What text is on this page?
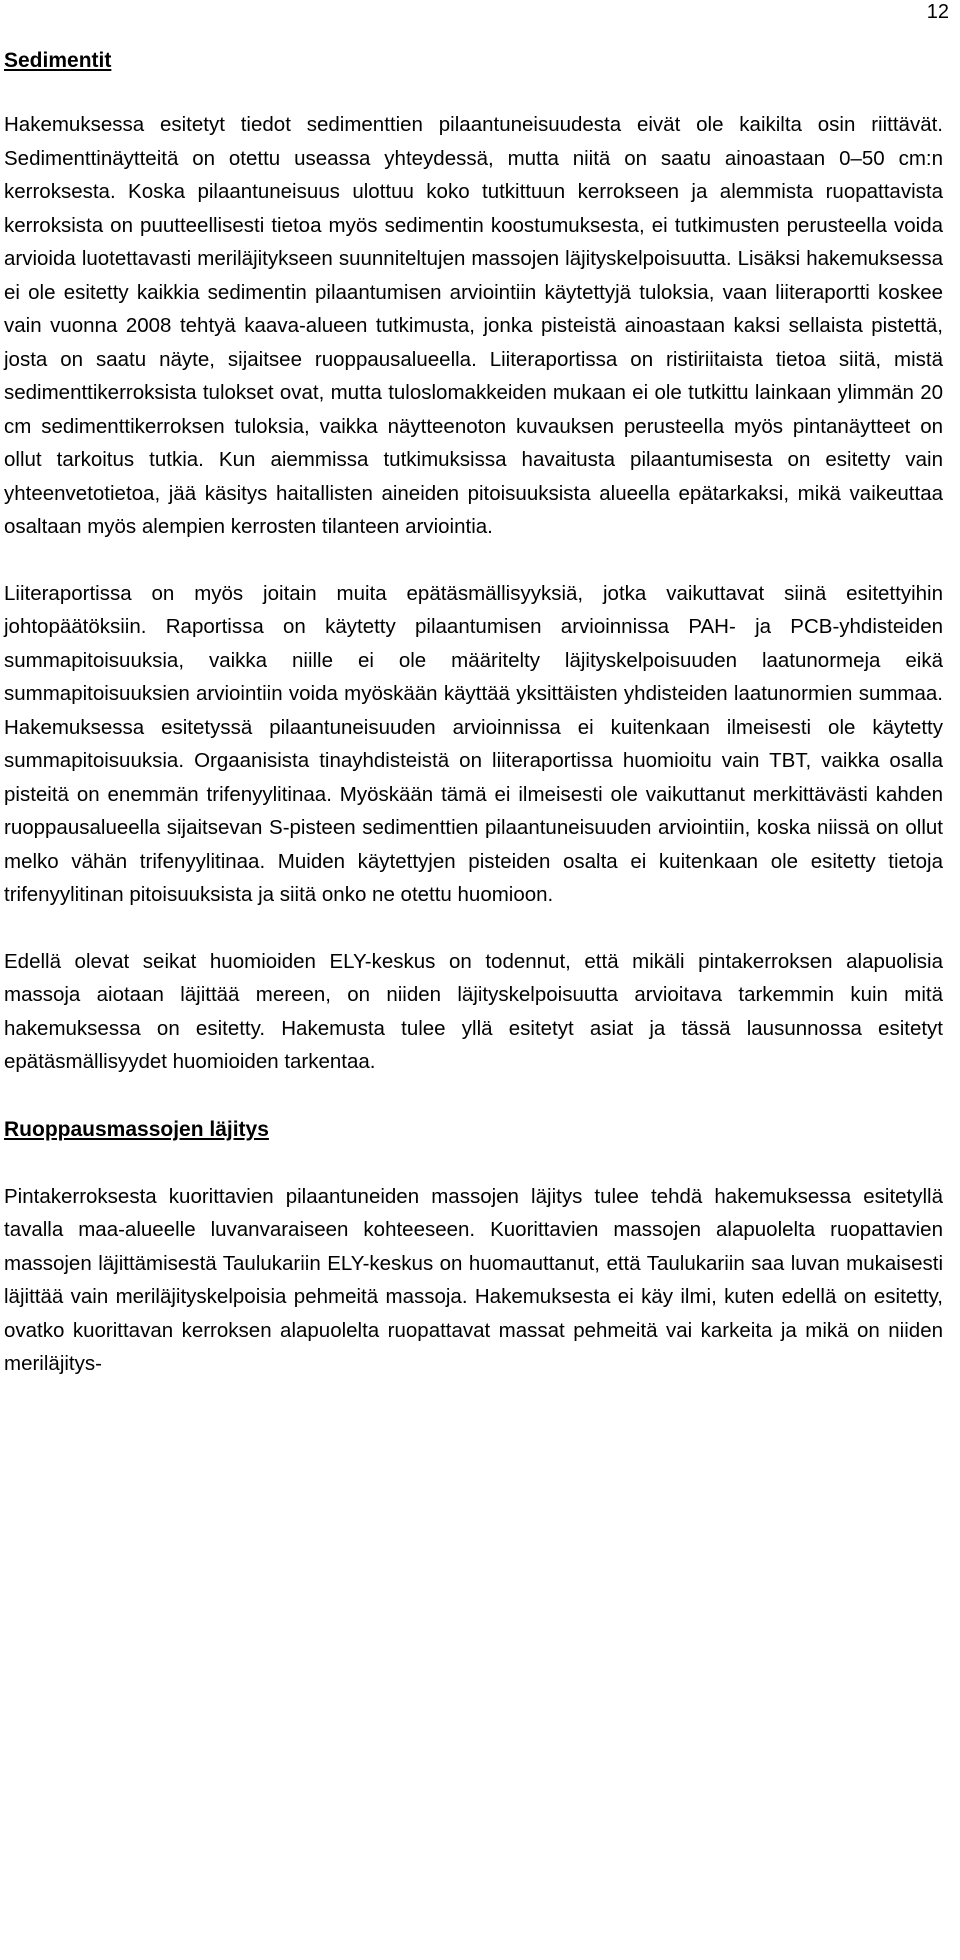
12
Sedimentit

Hakemuksessa esitetyt tiedot sedimenttien pilaantuneisuudesta eivät ole kaikilta osin riittävät. Sedimenttinäytteitä on otettu useassa yhteydessä, mutta niitä on saatu ainoastaan 0–50 cm:n kerroksesta. Koska pilaantuneisuus ulottuu koko tutkittuun kerrokseen ja alemmista ruopattavista kerroksista on puutteellisesti tietoa myös sedimentin koostumuksesta, ei tutkimusten perusteella voida arvioida luotettavasti meriläjitykseen suunniteltujen massojen läjityskelpoisuutta. Lisäksi hakemuksessa ei ole esitetty kaikkia sedimentin pilaantumisen arviointiin käytettyjä tuloksia, vaan liiteraportti koskee vain vuonna 2008 tehtyä kaava-alueen tutkimusta, jonka pisteistä ainoastaan kaksi sellaista pistettä, josta on saatu näyte, sijaitsee ruoppausalueella. Liiteraportissa on ristiriitaista tietoa siitä, mistä sedimenttikerroksista tulokset ovat, mutta tuloslomakkeiden mukaan ei ole tutkittu lainkaan ylimmän 20 cm sedimenttikerroksen tuloksia, vaikka näytteenoton kuvauksen perusteella myös pintanäytteet on ollut tarkoitus tutkia. Kun aiemmissa tutkimuksissa havaitusta pilaantumisesta on esitetty vain yhteenvetotietoa, jää käsitys haitallisten aineiden pitoisuuksista alueella epätarkaksi, mikä vaikeuttaa osaltaan myös alempien kerrosten tilanteen arviointia.

Liiteraportissa on myös joitain muita epätäsmällisyyksiä, jotka vaikuttavat siinä esitettyihin johtopäätöksiin. Raportissa on käytetty pilaantumisen arvioinnissa PAH- ja PCB-yhdisteiden summapitoisuuksia, vaikka niille ei ole määritelty läjityskelpoisuuden laatunormeja eikä summapitoisuuksien arviointiin voida myöskään käyttää yksittäisten yhdisteiden laatunormien summaa. Hakemuksessa esitetyssä pilaantuneisuuden arvioinnissa ei kuitenkaan ilmeisesti ole käytetty summapitoisuuksia. Orgaanisista tinayhdisteistä on liiteraportissa huomioitu vain TBT, vaikka osalla pisteitä on enemmän trifenyylitinaa. Myöskään tämä ei ilmeisesti ole vaikuttanut merkittävästi kahden ruoppausalueella sijaitsevan S-pisteen sedimenttien pilaantuneisuuden arviointiin, koska niissä on ollut melko vähän trifenyylitinaa. Muiden käytettyjen pisteiden osalta ei kuitenkaan ole esitetty tietoja trifenyylitinan pitoisuuksista ja siitä onko ne otettu huomioon.

Edellä olevat seikat huomioiden ELY-keskus on todennut, että mikäli pintakerroksen alapuolisia massoja aiotaan läjittää mereen, on niiden läjityskelpoisuutta arvioitava tarkemmin kuin mitä hakemuksessa on esitetty. Hakemusta tulee yllä esitetyt asiat ja tässä lausunnossa esitetyt epätäsmällisyydet huomioiden tarkentaa.

Ruoppausmassojen läjitys

Pintakerroksesta kuorittavien pilaantuneiden massojen läjitys tulee tehdä hakemuksessa esitetyllä tavalla maa-alueelle luvanvaraiseen kohteeseen. Kuorittavien massojen alapuolelta ruopattavien massojen läjittämisestä Taulukariin ELY-keskus on huomauttanut, että Taulukariin saa luvan mukaisesti läjittää vain meriläjityskelpoisia pehmeitä massoja. Hakemuksesta ei käy ilmi, kuten edellä on esitetty, ovatko kuorittavan kerroksen alapuolelta ruopattavat massat pehmeitä vai karkeita ja mikä on niiden meriläjitys-
